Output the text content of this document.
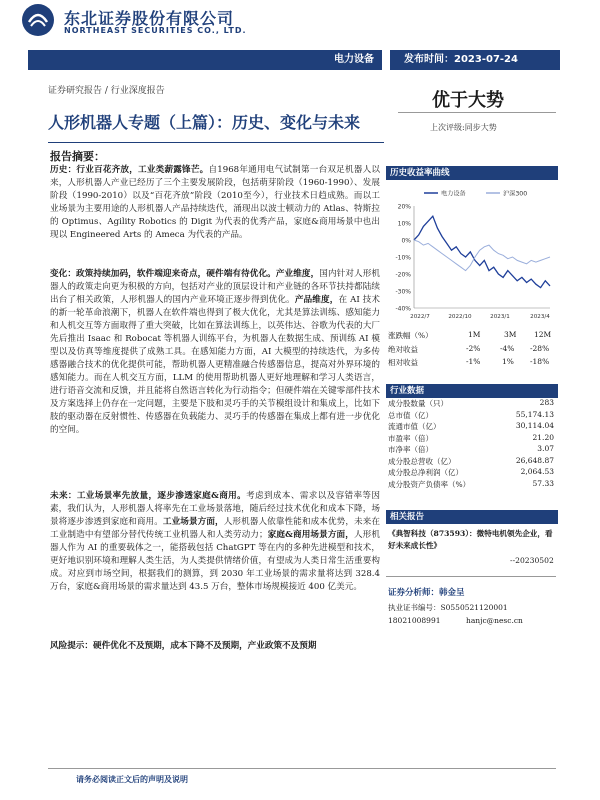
东北证券股份有限公司
NORTHEAST SECURITIES CO., LTD.
电力设备	发布时间：2023-07-24
证券研究报告 / 行业深度报告	优于大势
上次评级:同步大势
人形机器人专题（上篇）：历史、变化与未来
报告摘要：
历史：行业百花齐放，工业类薪露锋芒。自1968年通用电气试制第一台双足机器人以来，人形机器人产业已经历了三个主要发展阶段，包括萌芽阶段（1960-1990）、发展阶段（1990-2010）以及“百花齐放”阶段（2010至今），行业技术日趋成熟。而以工业场景为主要用途的人形机器人产品持续迭代，涌现出以波士顿动力的 Atlas、特斯拉的 Optimus、Agility Robotics 的 Digit 为代表的优秀产品，家庭&商用场景中也出现以 Engineered Arts 的 Ameca 为代表的产品。
变化：政策持续加码，软件端迎来奇点，硬件端有待优化。产业维度，国内针对人形机器人的政策走向更为积极的方向，包括对产业的顶层设计和产业链的各环节扶持都陆续出台了相关政策，人形机器人的国内产业环境正逐步得到优化。产品维度，在 AI 技术的新一轮革命浪潮下，机器人在软件端也得到了极大优化，尤其是算法训练、感知能力和人机交互等方面取得了重大突破，比如在算法训练上，以英伟达、谷歌为代表的大厂先后推出 Isaac 和 Robocat 等机器人训练平台，为机器人在数据生成、预训练 AI 模型以及仿真等维度提供了成熟工具。在感知能力方面，AI 大模型的持续迭代，为多传感器融合技术的优化提供可能，帮助机器人更精准融合传感器信息，提高对外界环境的感知能力。而在人机交互方面，LLM 的使用帮助机器人更好地理解和学习人类语言，进行语音交流和反馈，并且能将自然语言转化为行动指令；但硬件端在关键零部件技术及方案选择上仍存在一定问题，主要是下肢和灵巧手的关节模组设计和集成上，比如下肢的驱动器在反射惯性、传感器在负载能力、灵巧手的传感器在集成上都有进一步优化的空间。
未来：工业场景率先放量，逐步渗透家庭&商用。考虑到成本、需求以及容错率等因素，我们认为，人形机器人将率先在工业场景落地，随后经过技术优化和成本下降，场景将逐步渗透到家庭和商用。工业场景方面，人形机器人依靠性能和成本优势，未来在工业制造中有望部分替代传统工业机器人和人类劳动力；家庭&商用场景方面，人形机器人作为 AI 的重要载体之一，能搭载包括 ChatGPT 等在内的多种先进模型和技术，更好地识别环境和理解人类生活，为人类提供情绪价值，有望成为人类日常生活重要构成。对应到市场空间，根据我们的测算，到 2030 年工业场景的需求量将达到 328.4 万台，家庭&商用场景的需求量达到 43.5 万台，整体市场规模接近 400 亿美元。
风险提示：硬件优化不及预期，成本下降不及预期，产业政策不及预期
历史收益率曲线
20%
10%
0%
-10%
-20%
-30%
-40%
2022/7	2022/10	2023/1	2023/4
电力设备	沪深300
涨跌幅（%）	1M	3M 12M
绝对收益	-2%	-4% -28%
相对收益	-1%	1% -18%
行业数据
成分股数量（只）	283
总市值（亿）	55,174.13
流通市值（亿）	30,114.04
市盈率（倍）	21.20
市净率（倍）	3.07
成分股总营收（亿）	26,648.87
成分股总净利润（亿）	2,064.53
成分股资产负债率（%）	57.33
相关报告
《典智科技（873593）：微特电机领先企业，看好未来成长性》
--20230502
证券分析师：韩金呈
执业证书编号：S0550521120001
18021008991	hanjc@nesc.cn
请务必阅读正文后的声明及说明
